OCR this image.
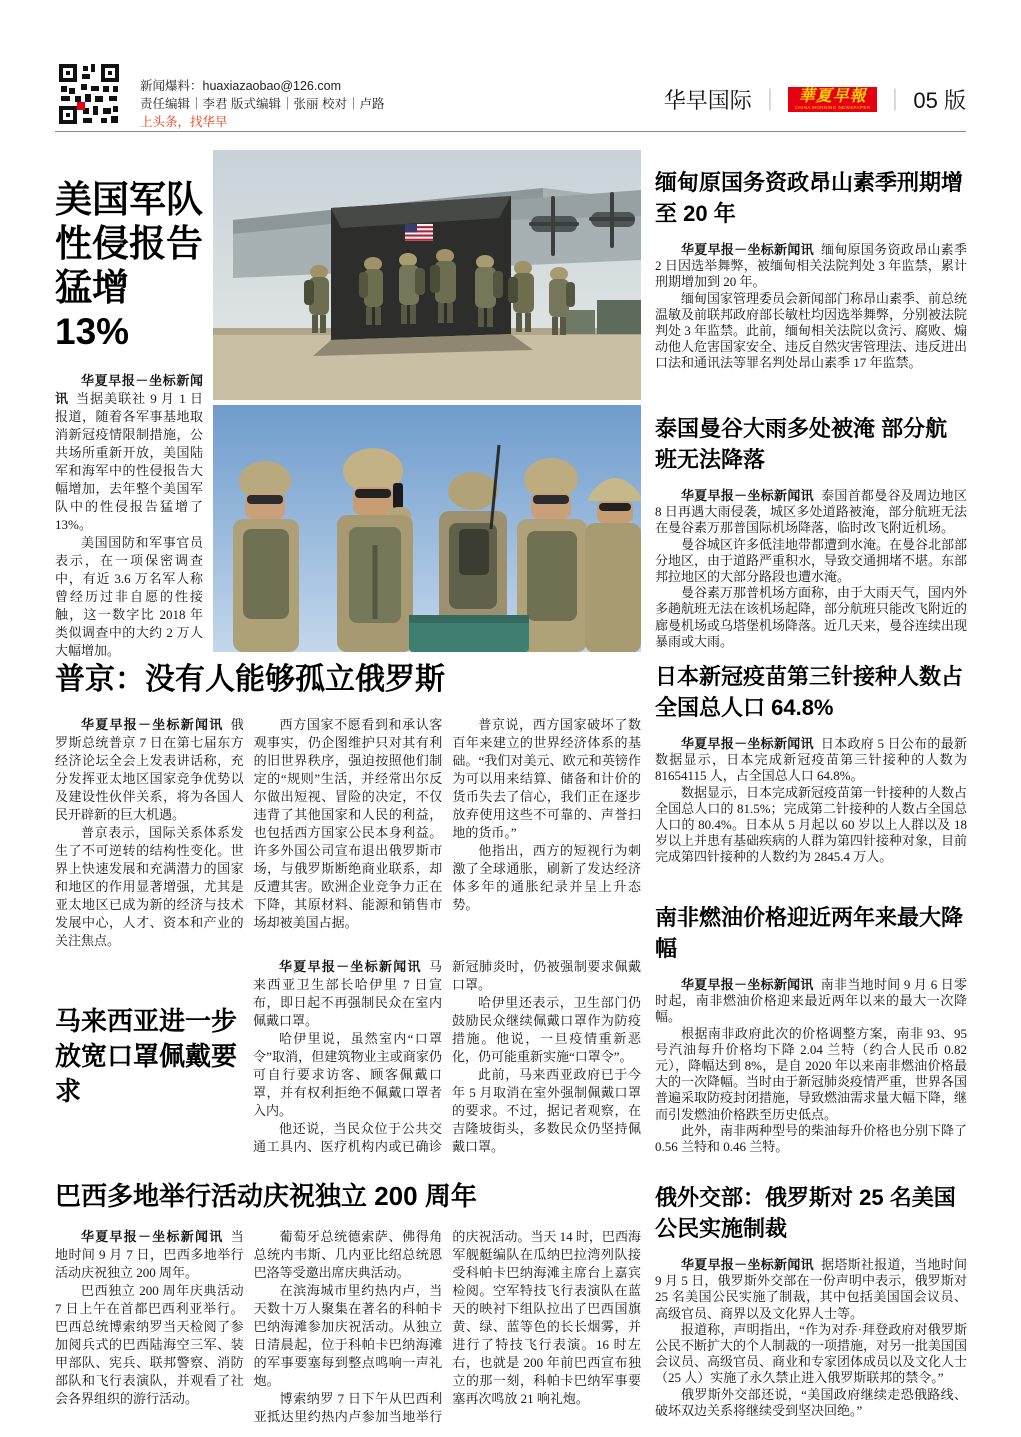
新闻爆料：huaxiazaobao@126.com
责任编辑｜李君 版式编辑｜张丽 校对｜卢路
上头条，找华早
华早国际 ｜ 華夏早報
CHINA MORNING NEWSPAPER ｜ 05 版
美国军队性侵报告猛增 13%

华夏早报－坐标新闻讯 当据美联社 9 月 1 日报道，随着各军事基地取消新冠疫情限制措施，公共场所重新开放，美国陆军和海军中的性侵报告大幅增加，去年整个美国军队中的性侵报告猛增了 13%。

美国国防和军事官员表示，在一项保密调查中，有近 3.6 万名军人称曾经历过非自愿的性接触，这一数字比 2018 年类似调查中的大约 2 万人大幅增加。

普京：没有人能够孤立俄罗斯

华夏早报－坐标新闻讯 俄罗斯总统普京 7 日在第七届东方经济论坛全会上发表讲话称，充分发挥亚太地区国家竞争优势以及建设性伙伴关系，将为各国人民开辟新的巨大机遇。

普京表示，国际关系体系发生了不可逆转的结构性变化。世界上快速发展和充满潜力的国家和地区的作用显著增强，尤其是亚太地区已成为新的经济与技术发展中心，人才、资本和产业的关注焦点。

西方国家不愿看到和承认客观事实，仍企图维护只对其有利的旧世界秩序，强迫按照他们制定的“规则”生活，并经常出尔反尔做出短视、冒险的决定，不仅违背了其他国家和人民的利益，也包括西方国家公民本身利益。许多外国公司宣布退出俄罗斯市场，与俄罗斯断绝商业联系，却反遭其害。欧洲企业竞争力正在下降，其原材料、能源和销售市场却被美国占据。

普京说，西方国家破坏了数百年来建立的世界经济体系的基础。“我们对美元、欧元和英镑作为可以用来结算、储备和计价的货币失去了信心，我们正在逐步放弃使用这些不可靠的、声誉扫地的货币。”

他指出，西方的短视行为刺激了全球通胀，刷新了发达经济体多年的通胀纪录并呈上升态势。

马来西亚进一步放宽口罩佩戴要求

华夏早报－坐标新闻讯 马来西亚卫生部长哈伊里 7 日宣布，即日起不再强制民众在室内佩戴口罩。

哈伊里说，虽然室内“口罩令”取消，但建筑物业主或商家仍可自行要求访客、顾客佩戴口罩，并有权利拒绝不佩戴口罩者入内。

他还说，当民众位于公共交通工具内、医疗机构内或已确诊新冠肺炎时，仍被强制要求佩戴口罩。

哈伊里还表示，卫生部门仍鼓励民众继续佩戴口罩作为防疫措施。他说，一旦疫情重新恶化，仍可能重新实施“口罩令”。

此前，马来西亚政府已于今年 5 月取消在室外强制佩戴口罩的要求。不过，据记者观察，在吉隆坡街头，多数民众仍坚持佩戴口罩。

巴西多地举行活动庆祝独立 200 周年

华夏早报－坐标新闻讯 当地时间 9 月 7 日，巴西多地举行活动庆祝独立 200 周年。

巴西独立 200 周年庆典活动 7 日上午在首都巴西利亚举行。巴西总统博索纳罗当天检阅了参加阅兵式的巴西陆海空三军、装甲部队、宪兵、联邦警察、消防部队和飞行表演队，并观看了社会各界组织的游行活动。

葡萄牙总统德索萨、佛得角总统内韦斯、几内亚比绍总统恩巴洛等受邀出席庆典活动。

在滨海城市里约热内卢，当天数十万人聚集在著名的科帕卡巴纳海滩参加庆祝活动。从独立日清晨起，位于科帕卡巴纳海滩的军事要塞每到整点鸣响一声礼炮。

博索纳罗 7 日下午从巴西利亚抵达里约热内卢参加当地举行的庆祝活动。当天 14 时，巴西海军舰艇编队在瓜纳巴拉湾列队接受科帕卡巴纳海滩主席台上嘉宾检阅。空军特技飞行表演队在蓝天的映衬下组队拉出了巴西国旗黄、绿、蓝等色的长长烟雾，并进行了特技飞行表演。16 时左右，也就是 200 年前巴西宣布独立的那一刻，科帕卡巴纳军事要塞再次鸣放 21 响礼炮。

缅甸原国务资政昂山素季刑期增至 20 年

华夏早报－坐标新闻讯 缅甸原国务资政昂山素季 2 日因选举舞弊，被缅甸相关法院判处 3 年监禁，累计刑期增加到 20 年。

缅甸国家管理委员会新闻部门称昂山素季、前总统温敏及前联邦政府部长敏杜均因选举舞弊，分别被法院判处 3 年监禁。此前，缅甸相关法院以贪污、腐败、煽动他人危害国家安全、违反自然灾害管理法、违反进出口法和通讯法等罪名判处昂山素季 17 年监禁。

泰国曼谷大雨多处被淹 部分航班无法降落

华夏早报－坐标新闻讯 泰国首都曼谷及周边地区 8 日再遇大雨侵袭，城区多处道路被淹，部分航班无法在曼谷素万那普国际机场降落，临时改飞附近机场。

曼谷城区许多低洼地带都遭到水淹。在曼谷北部部分地区，由于道路严重积水，导致交通拥堵不堪。东部邦拉地区的大部分路段也遭水淹。

曼谷素万那普机场方面称，由于大雨天气，国内外多趟航班无法在该机场起降，部分航班只能改飞附近的廊曼机场或乌塔堡机场降落。近几天来，曼谷连续出现暴雨或大雨。

日本新冠疫苗第三针接种人数占全国总人口 64.8%

华夏早报－坐标新闻讯 日本政府 5 日公布的最新数据显示，日本完成新冠疫苗第三针接种的人数为 81654115 人，占全国总人口 64.8%。

数据显示，日本完成新冠疫苗第一针接种的人数占全国总人口的 81.5%；完成第二针接种的人数占全国总人口的 80.4%。日本从 5 月起以 60 岁以上人群以及 18 岁以上并患有基础疾病的人群为第四针接种对象，目前完成第四针接种的人数约为 2845.4 万人。

南非燃油价格迎近两年来最大降幅

华夏早报－坐标新闻讯 南非当地时间 9 月 6 日零时起，南非燃油价格迎来最近两年以来的最大一次降幅。

根据南非政府此次的价格调整方案，南非 93、95 号汽油每升价格均下降 2.04 兰特（约合人民币 0.82 元），降幅达到 8%，是自 2020 年以来南非燃油价格最大的一次降幅。当时由于新冠肺炎疫情严重，世界各国普遍采取防疫封闭措施，导致燃油需求量大幅下降，继而引发燃油价格跌至历史低点。

此外，南非两种型号的柴油每升价格也分别下降了 0.56 兰特和 0.46 兰特。

俄外交部：俄罗斯对 25 名美国公民实施制裁

华夏早报－坐标新闻讯 据塔斯社报道，当地时间 9 月 5 日，俄罗斯外交部在一份声明中表示，俄罗斯对 25 名美国公民实施了制裁，其中包括美国国会议员、高级官员、商界以及文化界人士等。

报道称，声明指出，“作为对乔·拜登政府对俄罗斯公民不断扩大的个人制裁的一项措施，对另一批美国国会议员、高级官员、商业和专家团体成员以及文化人士（25 人）实施了永久禁止进入俄罗斯联邦的禁令。”

俄罗斯外交部还说，“美国政府继续走恐俄路线、破坏双边关系将继续受到坚决回绝。”
